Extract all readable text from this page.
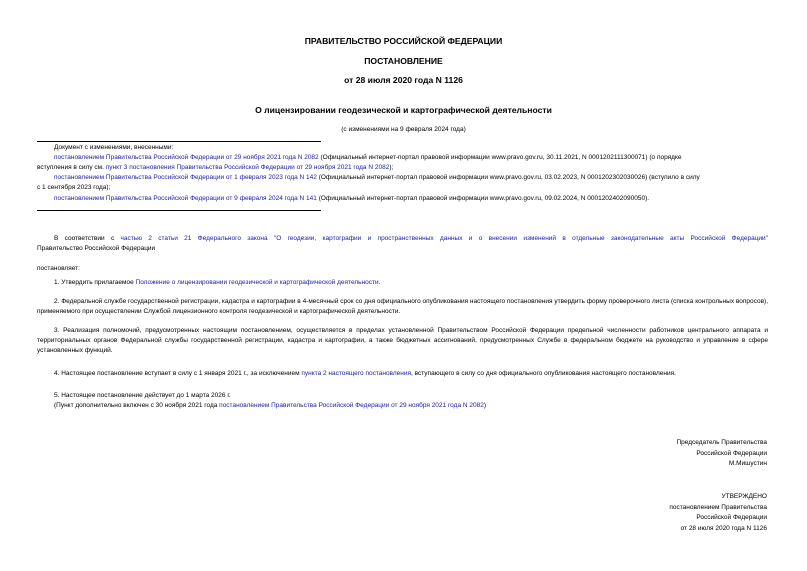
ПРАВИТЕЛЬСТВО РОССИЙСКОЙ ФЕДЕРАЦИИ
ПОСТАНОВЛЕНИЕ
от 28 июля 2020 года N 1126
О лицензировании геодезической и картографической деятельности
(с изменениями на 9 февраля 2024 года)
Документ с изменениями, внесенными:
постановлением Правительства Российской Федерации от 29 ноября 2021 года N 2082 (Официальный интернет-портал правовой информации www.pravo.gov.ru, 30.11.2021, N 0001202111300071) (о порядке
вступления в силу см. пункт 3 постановления Правительства Российской Федерации от 29 ноября 2021 года N 2082);
постановлением Правительства Российской Федерации от 1 февраля 2023 года N 142 (Официальный интернет-портал правовой информации www.pravo.gov.ru, 03.02.2023, N 0001202302030026) (вступило в силу
с 1 сентября 2023 года);
постановлением Правительства Российской Федерации от 9 февраля 2024 года N 141 (Официальный интернет-портал правовой информации www.pravo.gov.ru, 09.02.2024, N 0001202402090050).
В соответствии с частью 2 статьи 21 Федерального закона "О геодезии, картографии и пространственных данных и о внесении изменений в отдельные законодательные акты Российской Федерации"
Правительство Российской Федерации
постановляет:
1. Утвердить прилагаемое Положение о лицензировании геодезической и картографической деятельности.
2. Федеральной службе государственной регистрации, кадастра и картографии в 4-месячный срок со дня официального опубликования настоящего постановления утвердить форму проверочного листа (списка контрольных вопросов), применяемого при осуществлении Службой лицензионного контроля геодезической и картографической деятельности.
3. Реализация полномочий, предусмотренных настоящим постановлением, осуществляется в пределах установленной Правительством Российской Федерации предельной численности работников центрального аппарата и территориальных органов Федеральной службы государственной регистрации, кадастра и картографии, а также бюджетных ассигнований, предусмотренных Службе в федеральном бюджете на руководство и управление в сфере установленных функций.
4. Настоящее постановление вступает в силу с 1 января 2021 г., за исключением пункта 2 настоящего постановления, вступающего в силу со дня официального опубликования настоящего постановления.
5. Настоящее постановление действует до 1 марта 2026 г.
(Пункт дополнительно включен с 30 ноября 2021 года постановлением Правительства Российской Федерации от 29 ноября 2021 года N 2082)
Председатель Правительства
Российской Федерации
М.Мишустин
УТВЕРЖДЕНО
постановлением Правительства
Российской Федерации
от 28 июля 2020 года N 1126
